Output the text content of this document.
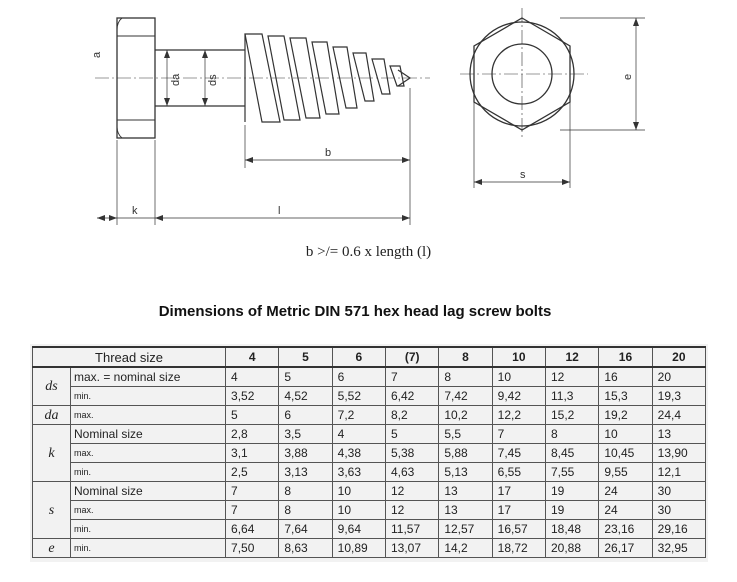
a
da ds
b
k	l
e
s
b >/= 0.6 x length (l)
Dimensions of Metric DIN 571 hex head lag screw bolts
Thread size		4	5	6	(7)	8	10	12	16	20
ds	max. = nominal size	4	5	6	7	8	10	12	16	20
	min.	3,52	4,52	5,52	6,42	7,42	9,42	11,3	15,3	19,3
da	max.	5	6	7,2	8,2	10,2	12,2	15,2	19,2	24,4
k	Nominal size	2,8	3,5	4	5	5,5	7	8	10	13
	max.	3,1	3,88	4,38	5,38	5,88	7,45	8,45	10,45	13,90
	min.	2,5	3,13	3,63	4,63	5,13	6,55	7,55	9,55	12,1
s	Nominal size	7	8	10	12	13	17	19	24	30
	max.	7	8	10	12	13	17	19	24	30
	min.	6,64	7,64	9,64	11,57	12,57	16,57	18,48	23,16	29,16
e	min.	7,50	8,63	10,89	13,07	14,2	18,72	20,88	26,17	32,95
